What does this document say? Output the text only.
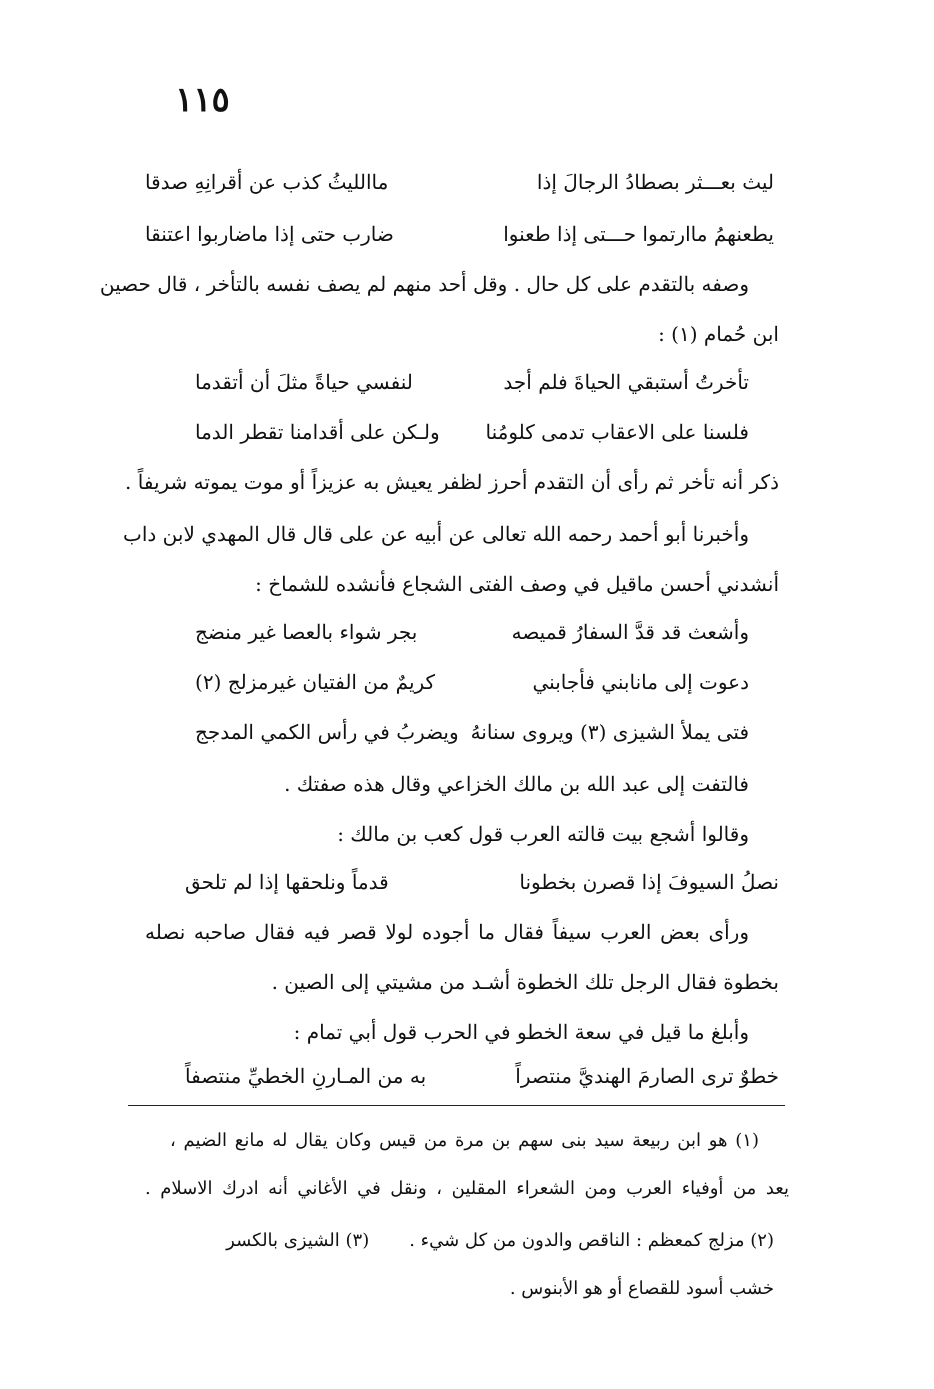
١١٥
ليث بعـــثر بصطادُ الرجالَ إذا
ماالليثُ كذب عن أقرانِهِ صدقا
يطعنهمُ ماارتموا حـــتى إذا طعنوا
ضارب حتى إذا ماضاربوا اعتنقا
وصفه بالتقدم على كل حال . وقل أحد منهم لم يصف نفسه بالتأخر ، قال حصين
ابن حُمام (١) :
تأخرتُ أستبقي الحياةَ فلم أجد
لنفسي حياةً مثلَ أن أتقدما
فلسنا على الاعقاب تدمى كلومُنا
ولـكن على أقدامنا تقطر الدما
ذكر أنه تأخر ثم رأى أن التقدم أحرز لظفر يعيش به عزيزاً أو موت يموته شريفاً .
وأخبرنا أبو أحمد رحمه الله تعالى عن أبيه عن على قال قال المهدي لابن داب
أنشدني أحسن ماقيل في وصف الفتى الشجاع فأنشده للشماخ :
وأشعث قد قدَّ السفارُ قميصه
بجر شواء بالعصا غير منضج
دعوت إلى مانابني فأجابني
كريمٌ من الفتيان غيرمزلج (٢)
فتى يملأ الشيزى (٣) ويروى سنانهُ
ويضربُ في رأس الكمي المدجج
فالتفت إلى عبد الله بن مالك الخزاعي وقال هذه صفتك .
وقالوا أشجع بيت قالته العرب قول كعب بن مالك :
نصلُ السيوفَ إذا قصرن بخطونا
قدماً ونلحقها إذا لم تلحق
ورأى بعض العرب سيفاً فقال ما أجوده لولا قصر فيه فقال صاحبه نصله
بخطوة فقال الرجل تلك الخطوة أشـد من مشيتي إلى الصين .
وأبلغ ما قيل في سعة الخطو في الحرب قول أبي تمام :
خطوٌ ترى الصارمَ الهنديَّ منتصراً
به من المـارنِ الخطيِّ منتصفاً
(١) هو ابن ربيعة سيد بنى سهم بن مرة من قيس وكان يقال له مانع الضيم ،
يعد من أوفياء العرب ومن الشعراء المقلين ، ونقل في الأغاني أنه ادرك الاسلام .
(٢) مزلج كمعظم : الناقص والدون من كل شيء .(٣) الشيزى بالكسر
خشب أسود للقصاع أو هو الأبنوس .
